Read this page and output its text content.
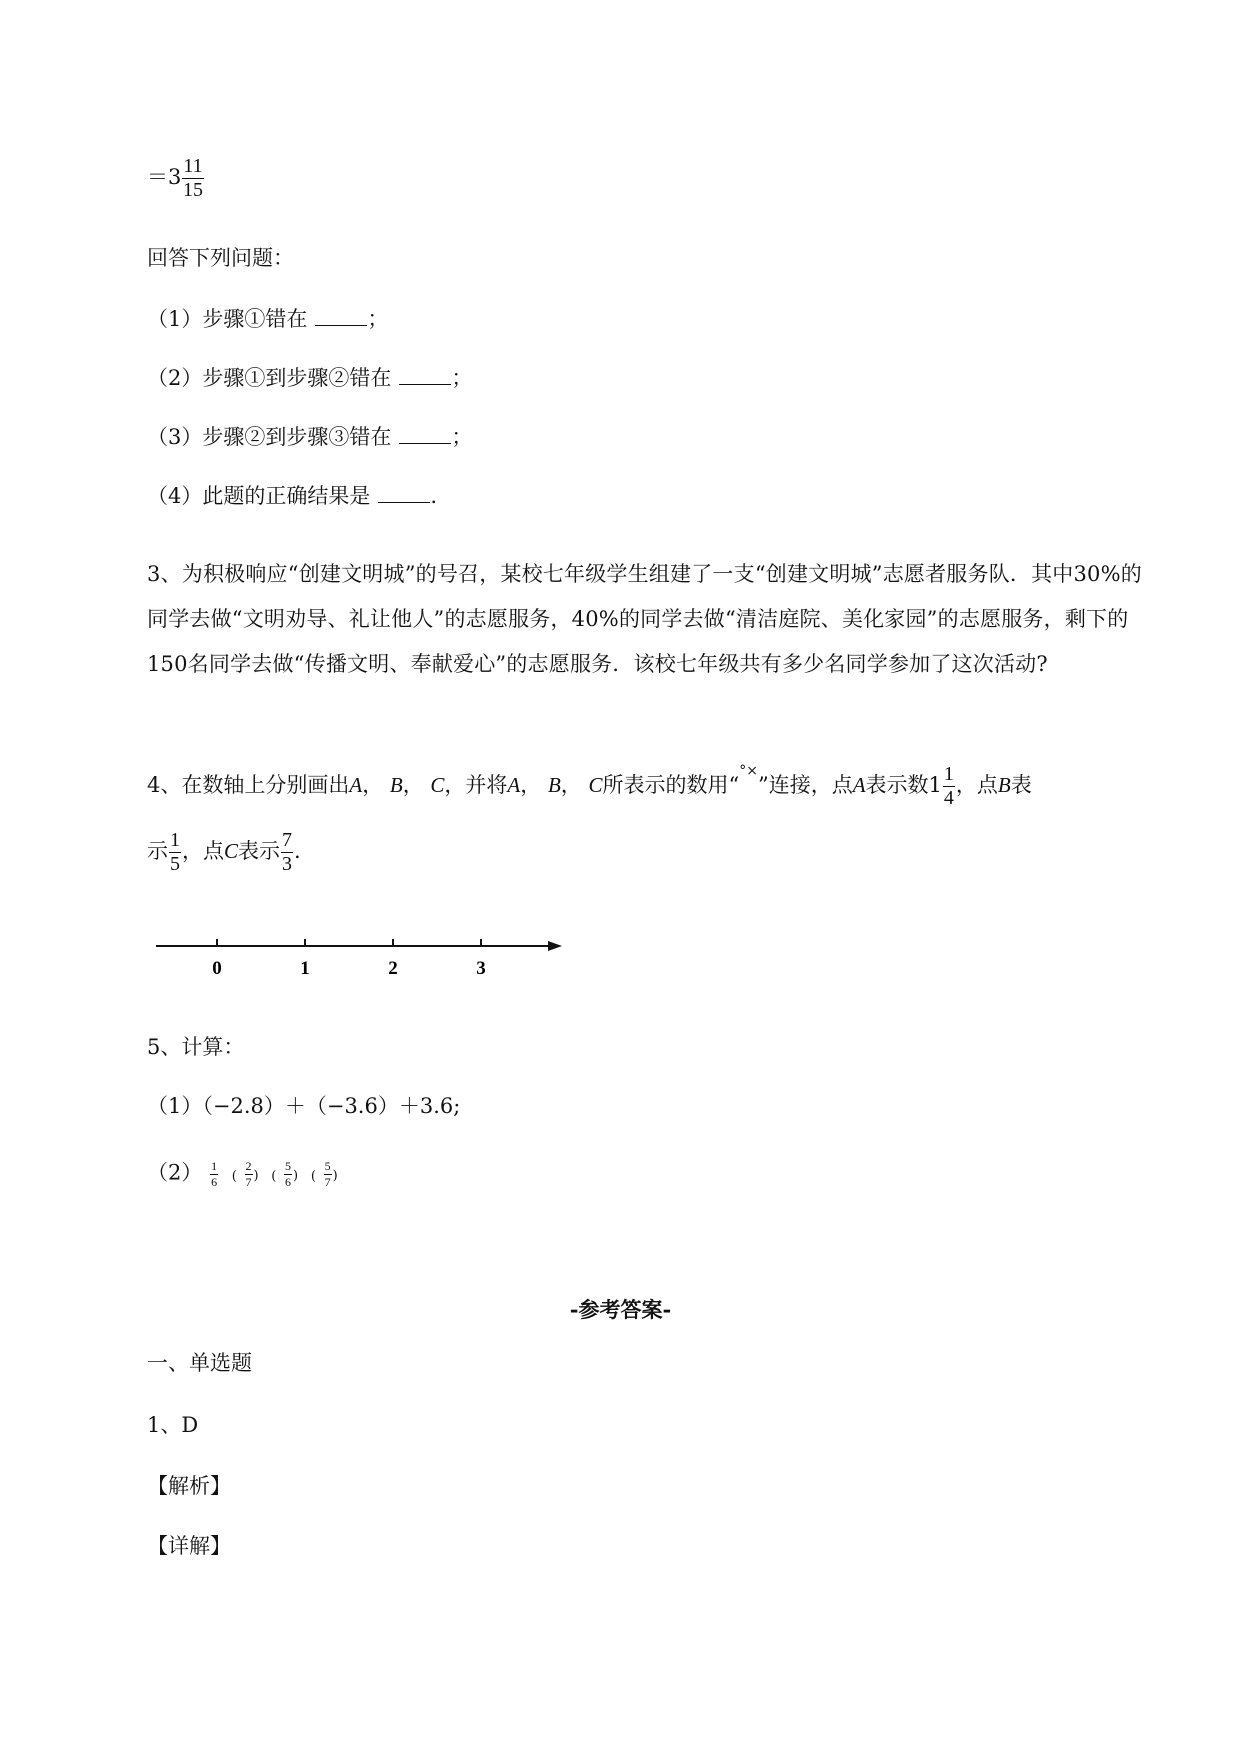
$=3 \frac{11}{15}$
回答下列问题：
（1）步骤①错在	；
（2）步骤①到步骤②错在	；
（3）步骤②到步骤③错在	；
（4）此题的正确结果是	.
3、为积极响应“创建文明城”的号召，某校七年级学生组建了一支“创建文明城”志愿者服务队．其中30%的同学去做“文明劝导、礼让他人”的志愿服务，40%的同学去做“清洁庭院、美化家园”的志愿服务，剩下的150名同学去做“传播文明、奉献爱心”的志愿服务．该校七年级共有多少名同学参加了这次活动?
4、在数轴上分别画出A， B， C，并将A， B， C所表示的数用“°×”连接，点A表示数$1 \frac{1}{4}$ ，点B表
示 $\frac{1}{5}$ ，点C表示 $\frac{7}{3}$ .
0	1	2	3
5、计算：
（1）（−2.8）＋（−3.6）＋3.6;
$(2) \frac{1}{6}$ ( $\frac{2}{7}$ ) ( $\frac{5}{6}$ ) ( $\frac{5}{7}$ )
-参考答案-
一、单选题
1、D
【解析】
【详解】
